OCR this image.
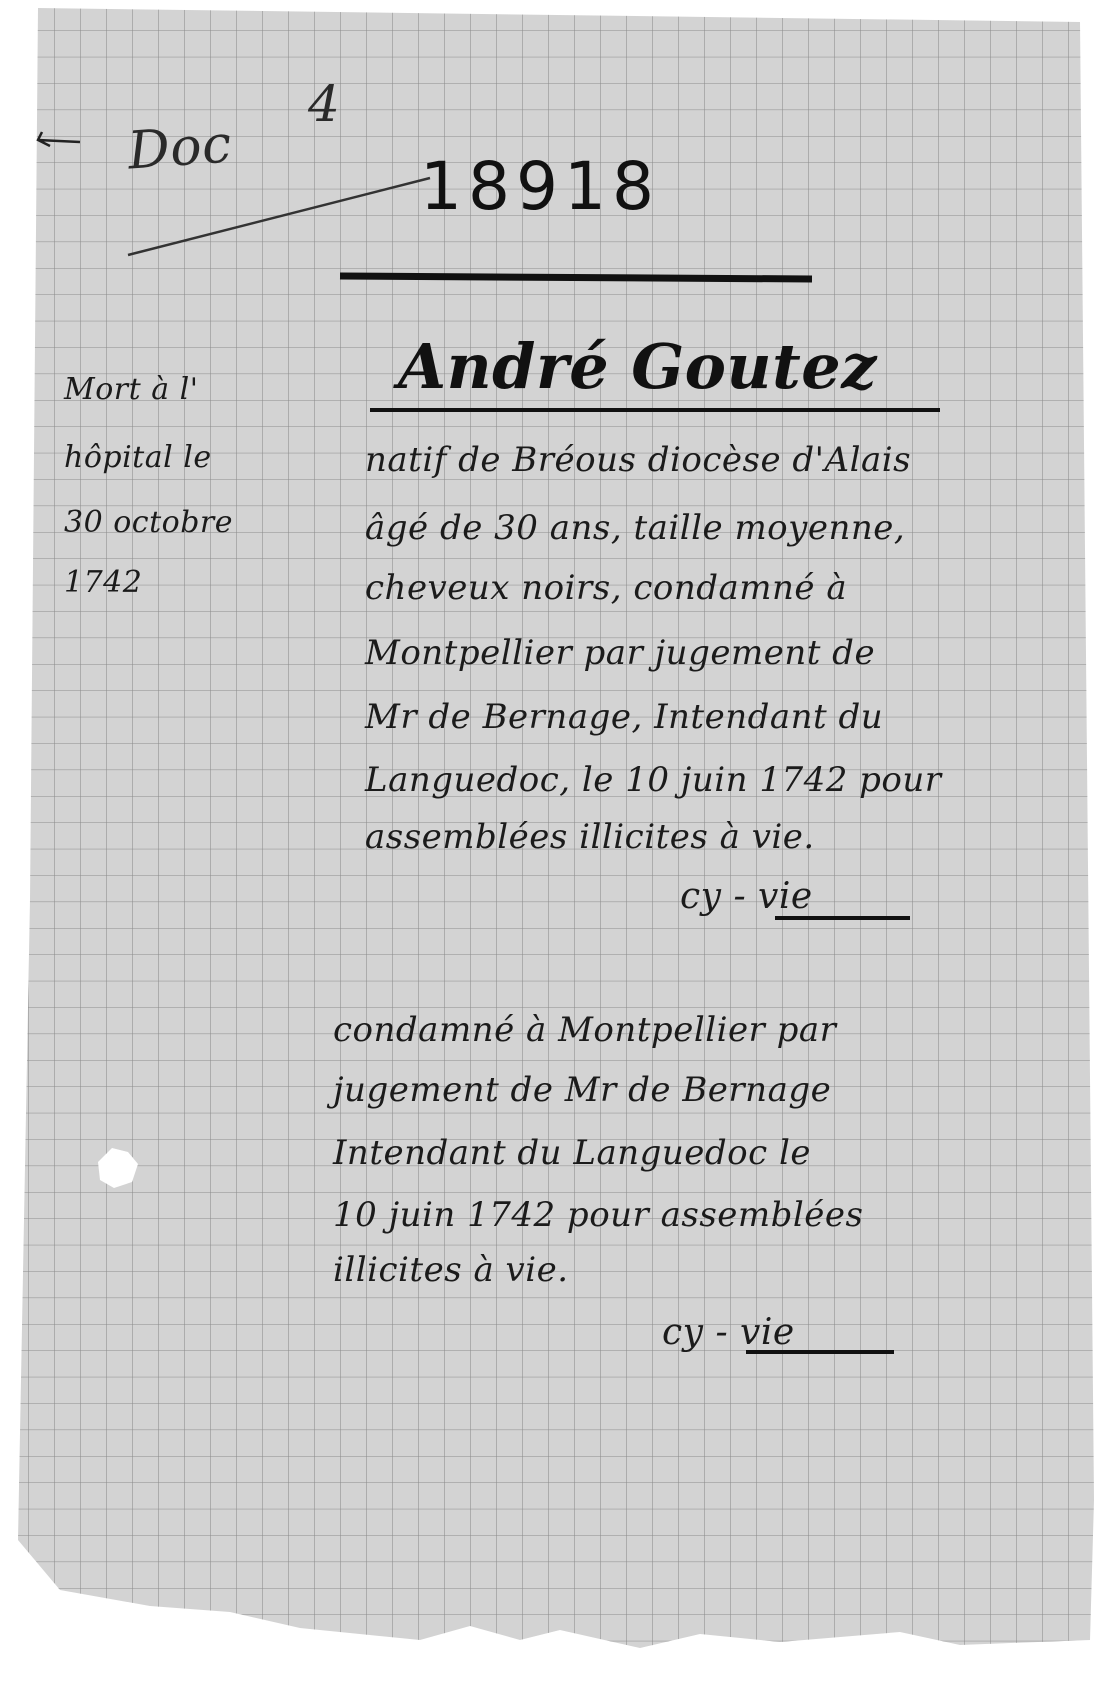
Doc
4
18918
André Goutez
Mort à l'
hôpital le
30 octobre
1742
natif de Bréous diocèse d'Alais
âgé de 30 ans, taille moyenne,
cheveux noirs, condamné à
Montpellier par jugement de
Mr de Bernage, Intendant du
Languedoc, le 10 juin 1742 pour
assemblées illicites à vie.
cy - vie
condamné à Montpellier par
jugement de Mr de Bernage
Intendant du Languedoc le
10 juin 1742 pour assemblées
illicites à vie.
cy - vie
